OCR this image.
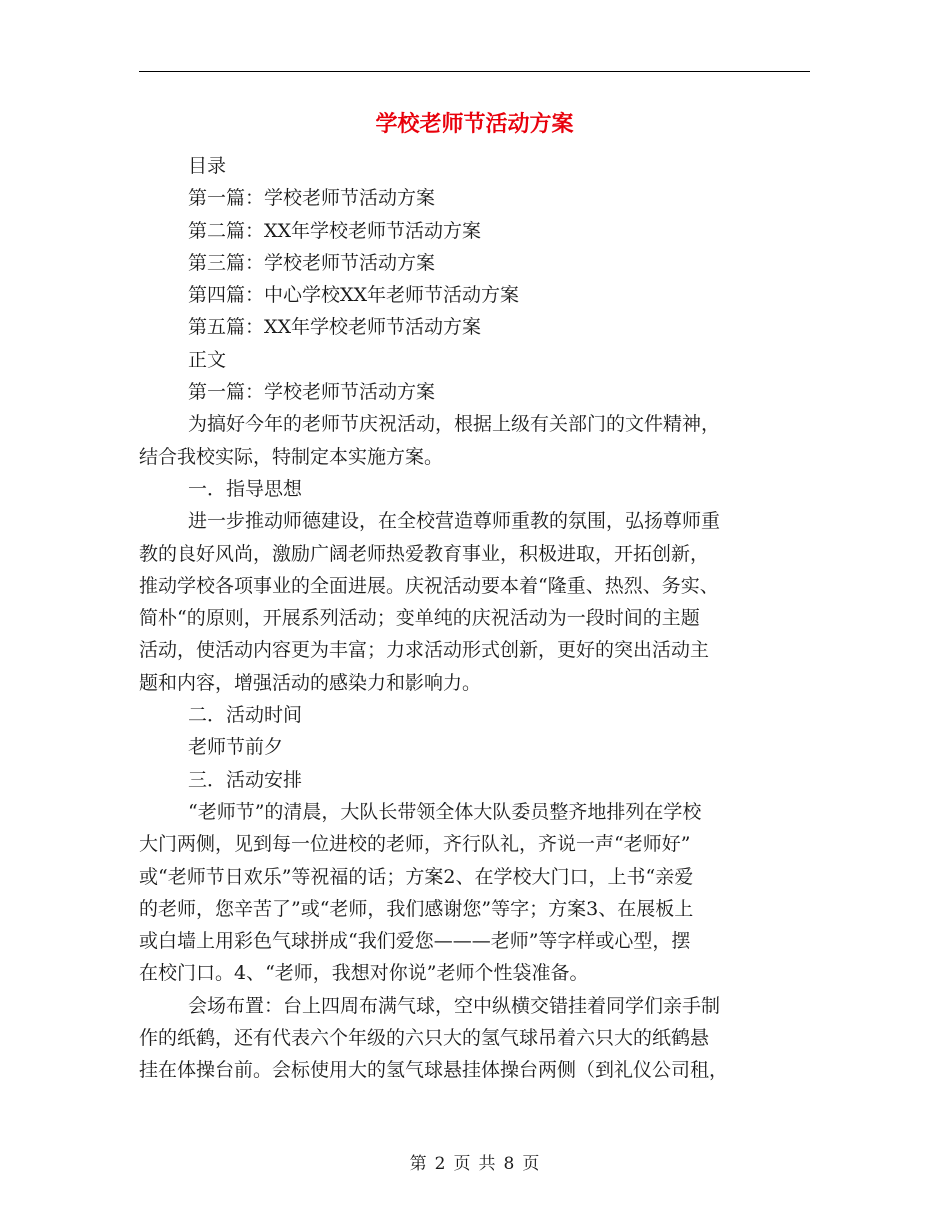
学校老师节活动方案
目录
第一篇：学校老师节活动方案
第二篇：XX年学校老师节活动方案
第三篇：学校老师节活动方案
第四篇：中心学校XX年老师节活动方案
第五篇：XX年学校老师节活动方案
正文
第一篇：学校老师节活动方案
为搞好今年的老师节庆祝活动，根据上级有关部门的文件精神，
结合我校实际，特制定本实施方案。
一．指导思想
进一步推动师德建设，在全校营造尊师重教的氛围，弘扬尊师重
教的良好风尚，激励广阔老师热爱教育事业，积极进取，开拓创新，
推动学校各项事业的全面进展。庆祝活动要本着“隆重、热烈、务实、
简朴“的原则，开展系列活动；变单纯的庆祝活动为一段时间的主题
活动，使活动内容更为丰富；力求活动形式创新，更好的突出活动主
题和内容，增强活动的感染力和影响力。
二．活动时间
老师节前夕
三．活动安排
“老师节”的清晨，大队长带领全体大队委员整齐地排列在学校
大门两侧，见到每一位进校的老师，齐行队礼，齐说一声“老师好”
或“老师节日欢乐”等祝福的话；方案2、在学校大门口，上书“亲爱
的老师，您辛苦了”或“老师，我们感谢您”等字；方案3、在展板上
或白墙上用彩色气球拼成“我们爱您———老师”等字样或心型，摆
在校门口。4、“老师，我想对你说”老师个性袋准备。
会场布置：台上四周布满气球，空中纵横交错挂着同学们亲手制
作的纸鹤，还有代表六个年级的六只大的氢气球吊着六只大的纸鹤悬
挂在体操台前。会标使用大的氢气球悬挂体操台两侧（到礼仪公司租，
第 2 页 共 8 页
